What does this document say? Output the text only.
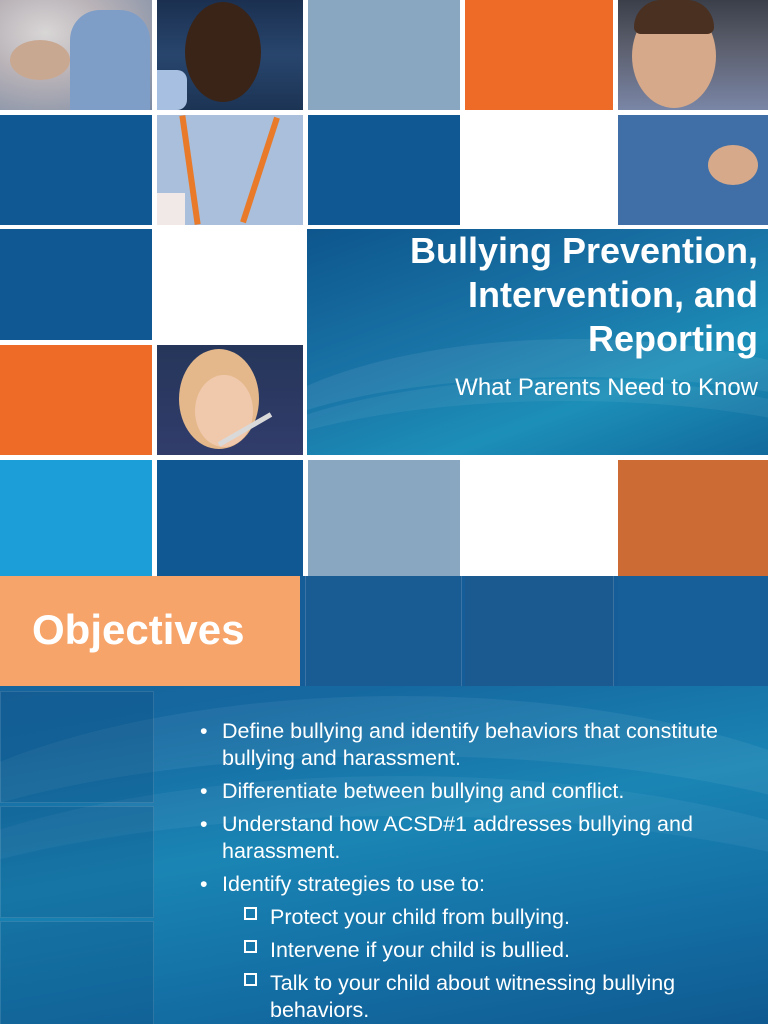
Bullying Prevention, Intervention, and Reporting
What Parents Need to Know
Objectives
• Define bullying and identify behaviors that constitute bullying and harassment.
• Differentiate between bullying and conflict.
• Understand how ACSD#1 addresses bullying and harassment.
• Identify strategies to use to:
Protect your child from bullying.
Intervene if your child is bullied.
Talk to your child about witnessing bullying behaviors.
